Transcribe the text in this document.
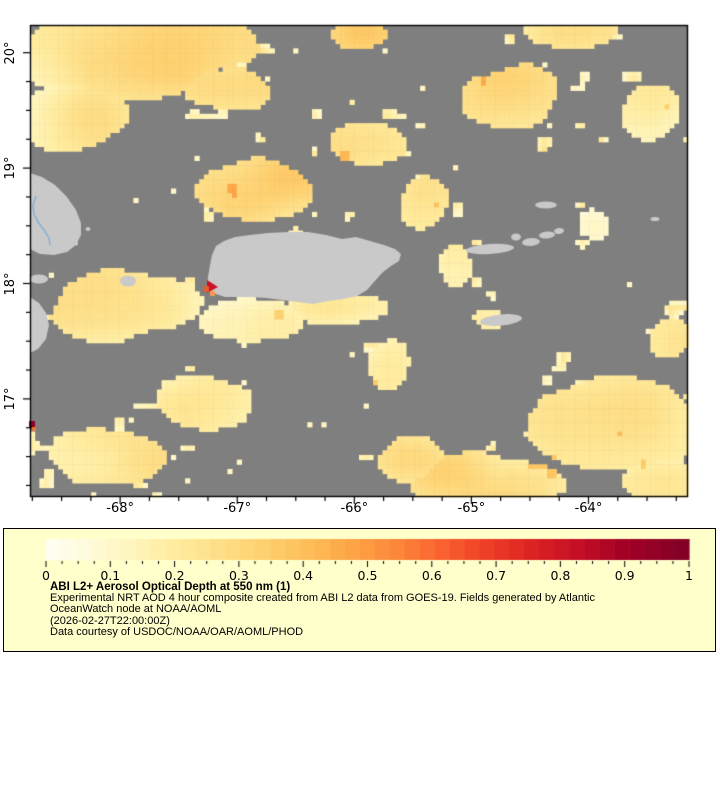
20°
19°
18°
17°
-68°	-67°	-66°	-65°	-64°
0	0.1	0.2	0.3	0.4	0.5	0.6	0.7	0.8	0.9	1
ABI L2+ Aerosol Optical Depth at 550 nm (1)
Experimental NRT AOD 4 hour composite created from ABI L2 data from GOES-19. Fields generated by Atlantic
OceanWatch node at NOAA/AOML
(2026-02-27T22:00:00Z)
Data courtesy of USDOC/NOAA/OAR/AOML/PHOD
